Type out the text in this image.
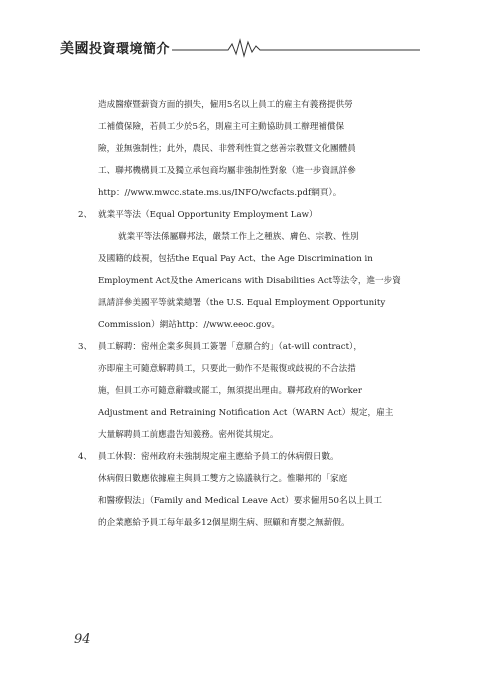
美國投資環境簡介
造成醫療暨薪資方面的損失，僱用5名以上員工的雇主有義務提供勞
工補償保險，若員工少於5名，則雇主可主動協助員工辦理補償保
險，並無強制性；此外，農民、非營利性質之慈善宗教暨文化團體員
工、聯邦機構員工及獨立承包商均屬非強制性對象（進一步資訊詳參
http：//www.mwcc.state.ms.us/INFO/wcfacts.pdf網頁）。
2、 就業平等法（Equal Opportunity Employment Law）
就業平等法係屬聯邦法，嚴禁工作上之種族、膚色、宗教、性別
及國籍的歧視，包括the Equal Pay Act、the Age Discrimination in
Employment Act及the Americans with Disabilities Act等法令，進一步資
訊請詳參美國平等就業總署（the U.S. Equal Employment Opportunity
Commission）網站http：//www.eeoc.gov。
3、 員工解聘：密州企業多與員工簽署「意願合約」（at-will contract），
亦即雇主可隨意解聘員工，只要此一動作不是報復或歧視的不合法措
施，但員工亦可隨意辭職或罷工，無須提出理由。聯邦政府的Worker
Adjustment and Retraining Notification Act（WARN Act）規定，雇主
大量解聘員工前應盡告知義務。密州從其規定。
4、 員工休假：密州政府未強制規定雇主應給予員工的休病假日數。
休病假日數應依據雇主與員工雙方之協議執行之。惟聯邦的「家庭
和醫療假法」（Family and Medical Leave Act）要求僱用50名以上員工
的企業應給予員工每年最多12個星期生病、照顧和育嬰之無薪假。
94
